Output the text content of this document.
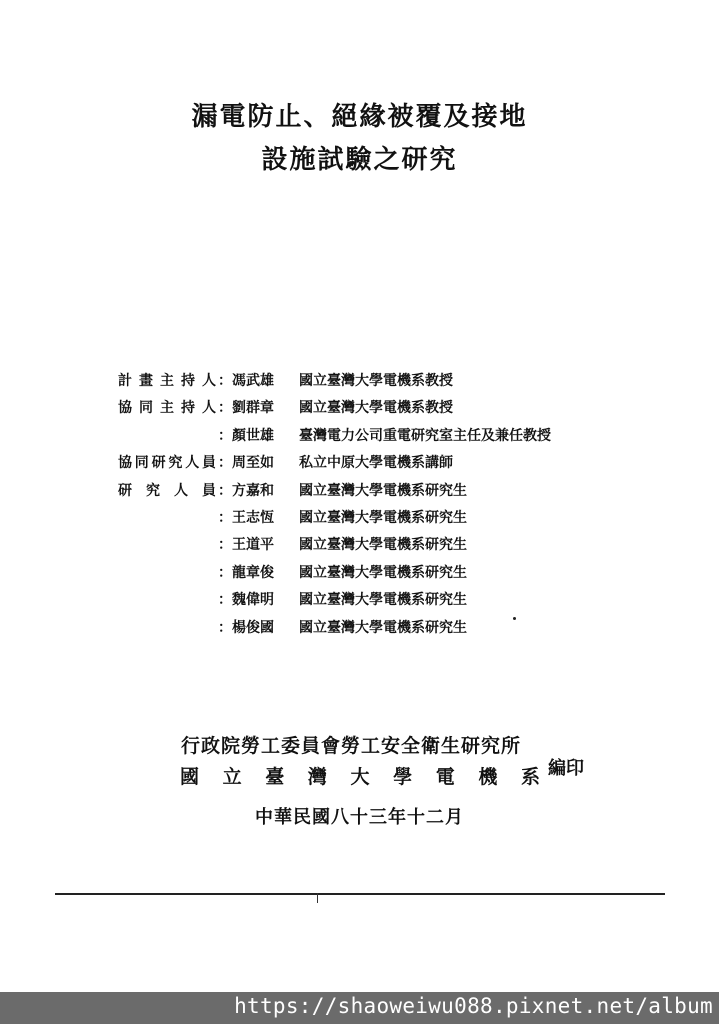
漏電防止、絕緣被覆及接地
設施試驗之研究
計畫主持人 ： 馮武雄	國立臺灣大學電機系教授
協同主持人 ： 劉群章	國立臺灣大學電機系教授
： 顏世雄	臺灣電力公司重電研究室主任及兼任教授
協同研究人員 ： 周至如	私立中原大學電機系講師
研究人員 ： 方嘉和	國立臺灣大學電機系研究生
： 王志恆	國立臺灣大學電機系研究生
： 王道平	國立臺灣大學電機系研究生
： 龍章俊	國立臺灣大學電機系研究生
： 魏偉明	國立臺灣大學電機系研究生
： 楊俊國	國立臺灣大學電機系研究生
行政院勞工委員會勞工安全衛生研究所
國立臺灣大學電機系 編印
中華民國八十三年十二月
https://shaoweiwu088.pixnet.net/album
